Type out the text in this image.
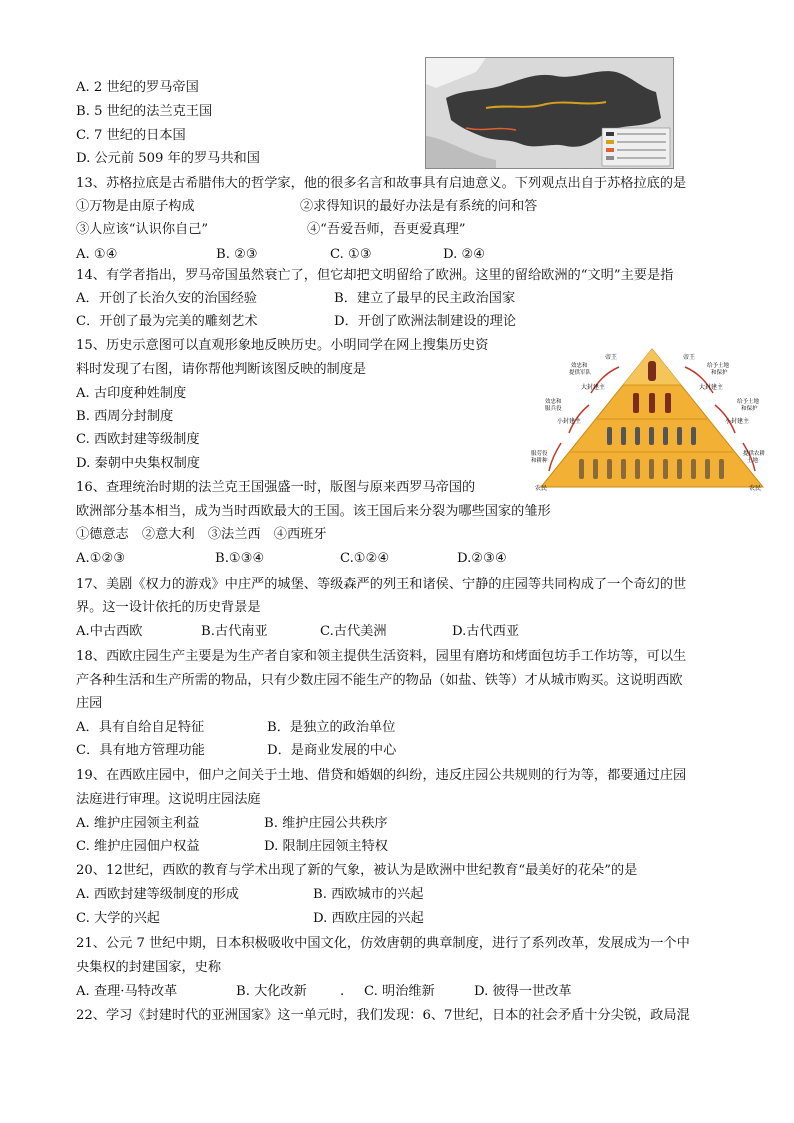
A. 2 世纪的罗马帝国
B. 5 世纪的法兰克王国
C. 7 世纪的日本国
D. 公元前 509 年的罗马共和国
13、苏格拉底是古希腊伟大的哲学家，他的很多名言和故事具有启迪意义。下列观点出自于苏格拉底的是
①万物是由原子构成	②求得知识的最好办法是有系统的问和答
③人应该“认识你自己”	④“吾爱吾师，吾更爱真理”
A. ①④	B. ②③	C. ①③	D. ②④
14、有学者指出，罗马帝国虽然衰亡了，但它却把文明留给了欧洲。这里的留给欧洲的“文明”主要是指
A．开创了长治久安的治国经验	B．建立了最早的民主政治国家
C．开创了最为完美的雕刻艺术	D．开创了欧洲法制建设的理论
15、历史示意图可以直观形象地反映历史。小明同学在网上搜集历史资
料时发现了右图，请你帮他判断该图反映的制度是
A. 古印度种姓制度
B. 西周分封制度
C. 西欧封建等级制度
D. 秦朝中央集权制度
帝王	帝王
大封建主	大封建主
小封建主	小封建主
农民	农民
效忠和
提供军队
效忠和
服兵役
服劳役
和耕种
给予土地
和保护
给予土地
和保护
提供农耕
土地
16、查理统治时期的法兰克王国强盛一时，版图与原来西罗马帝国的
欧洲部分基本相当，成为当时西欧最大的王国。该王国后来分裂为哪些国家的雏形
①德意志　②意大利　③法兰西　④西班牙
A.①②③	B.①③④	C.①②④	D.②③④
17、美剧《权力的游戏》中庄严的城堡、等级森严的列王和诸侯、宁静的庄园等共同构成了一个奇幻的世
界。这一设计依托的历史背景是
A.中古西欧	B.古代南亚	C.古代美洲	D.古代西亚
18、西欧庄园生产主要是为生产者自家和领主提供生活资料，园里有磨坊和烤面包坊手工作坊等，可以生
产各种生活和生产所需的物品，只有少数庄园不能生产的物品（如盐、铁等）才从城市购买。这说明西欧
庄园
A．具有自给自足特征	B．是独立的政治单位
C．具有地方管理功能	D．是商业发展的中心
19、在西欧庄园中，佃户之间关于土地、借贷和婚姻的纠纷，违反庄园公共规则的行为等，都要通过庄园
法庭进行审理。这说明庄园法庭
A. 维护庄园领主利益	B. 维护庄园公共秩序
C. 维护庄园佃户权益	D. 限制庄园领主特权
20、12世纪，西欧的教育与学术出现了新的气象，被认为是欧洲中世纪教育“最美好的花朵”的是
A. 西欧封建等级制度的形成	B. 西欧城市的兴起
C. 大学的兴起	D. 西欧庄园的兴起
21、公元 7 世纪中期，日本积极吸收中国文化，仿效唐朝的典章制度，进行了系列改革，发展成为一个中
央集权的封建国家，史称
A. 查理·马特改革	B. 大化改新	. C. 明治维新	D. 彼得一世改革
22、学习《封建时代的亚洲国家》这一单元时，我们发现：6、7世纪，日本的社会矛盾十分尖锐，政局混
